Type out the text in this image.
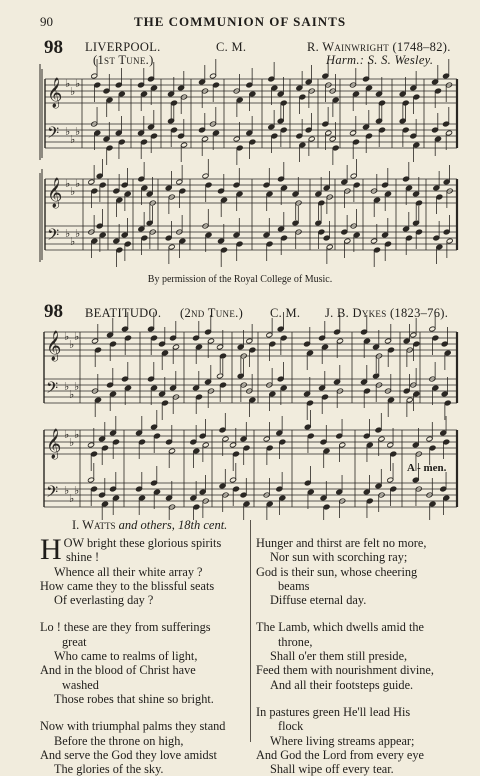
90	THE COMMUNION OF SAINTS
98 LIVERPOOL.
(1st Tune.)
C. M.	R. Wainwright (1748–82).
Harm.: S. S. Wesley.
𝄞 ♭
♭
♭
𝄢 ♭
♭
♭
𝄞 ♭
♭
♭
𝄢 ♭
♭
♭
𝄞 ♭
♭
♭
𝄢 ♭
♭
♭
𝄞 ♭
♭
♭
𝄢 ♭
♭
♭
By permission of the Royal College of Music.
98 BEATITUDO. (2nd Tune.) C. M. J. B. Dykes (1823–76).
A - men.
I. Watts and others, 18th cent.
H OW bright these glorious spirits
shine !
Whence all their white array ?
How came they to the blissful seats
Of everlasting day ?
Lo ! these are they from sufferings
great
Who came to realms of light,
And in the blood of Christ have
washed
Those robes that shine so bright.
Now with triumphal palms they stand
Before the throne on high,
And serve the God they love amidst
The glories of the sky.
Hunger and thirst are felt no more,
Nor sun with scorching ray;
God is their sun, whose cheering
beams
Diffuse eternal day.
The Lamb, which dwells amid the
throne,
Shall o'er them still preside,
Feed them with nourishment divine,
And all their footsteps guide.
In pastures green He'll lead His
flock
Where living streams appear;
And God the Lord from every eye
Shall wipe off every tear.
